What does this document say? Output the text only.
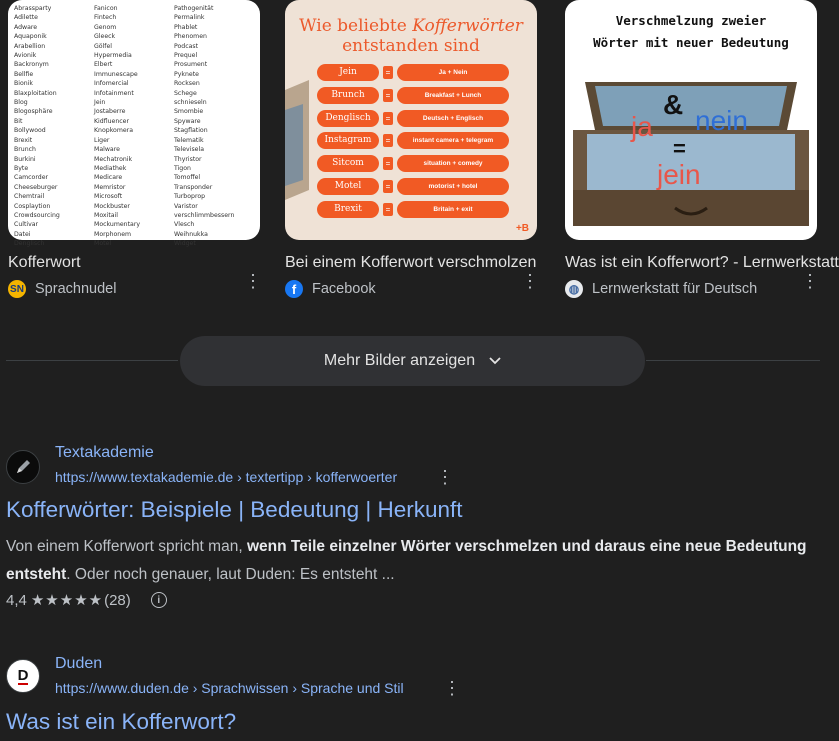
Abrassparty
Adilette
Adware
Aquaponik
Arabellion
Avionik
Backronym
Bellfie
Bionik
Blaxploitation
Blog
Blogosphäre
Bit
Bollywood
Brexit
Brunch
Burkini
Byte
Camcorder
Cheeseburger
Chemtrail
Cosplaytion
Crowdsourcing
Cultivar
Datei
Denglisch
Fanicon
Fintech
Genom
Gleeck
Gölfel
Hypermedia
Elbert
Immunescape
Infomercial
Infotainment
Jein
Jostaberre
Kidfluencer
Knopkomera
Liger
Malware
Mechatronik
Mediathek
Medicare
Memristor
Microsoft
Mockbuster
Moxitail
Mockumentary
Morphonem
Motel
Pathogenität
Permalink
Phablet
Phenomen
Podcast
Prequel
Prosument
Pyknete
Rocksen
Schege
schnieseln
Smombie
Spyware
Stagflation
Telematik
Televisela
Thyristor
Tigon
Tomoffel
Transponder
Turboprop
Varistor
verschlimmbessern
Vlesch
Weihnukka
Widget
Kofferwort
SN Sprachnudel	⋮
Wie beliebte Kofferwörter
entstanden sind
Jein	=	Ja + Nein
Brunch	=	Breakfast + Lunch
Denglisch	=	Deutsch + Englisch
Instagram	=	instant camera + telegram
Sitcom	=	situation + comedy
Motel	=	motorist + hotel
Brexit	=	Britain + exit
+B
Bei einem Kofferwort verschmolzen
f	Facebook	⋮
Verschmelzung zweier
Wörter mit neuer Bedeutung
ja
&
nein
=
jein
Was ist ein Kofferwort? - Lernwerkstatt
◍ Lernwerkstatt für Deutsch ⋮
Mehr Bilder anzeigen
Textakademie
https://www.textakademie.de › textertipp › kofferwoerter ⋮
Kofferwörter: Beispiele | Bedeutung | Herkunft
Von einem Kofferwort spricht man, wenn Teile einzelner Wörter verschmelzen und daraus eine neue Bedeutung entsteht. Oder noch genauer, laut Duden: Es entsteht ...
4,4 ★★★★★ (28)	i
D
Duden
https://www.duden.de › Sprachwissen › Sprache und Stil ⋮
Was ist ein Kofferwort?
